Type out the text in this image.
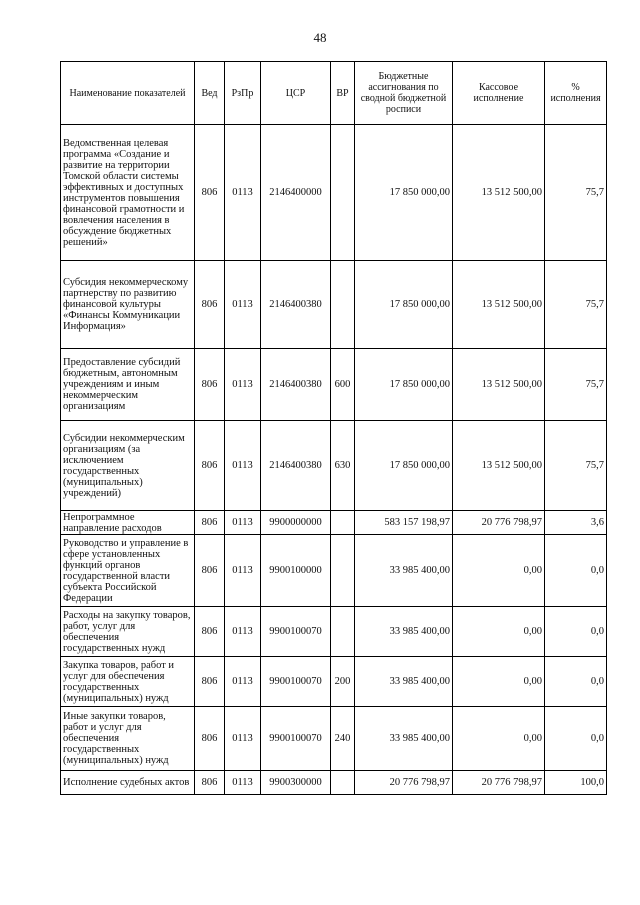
48
Наименование показателей	Вед	РзПр	ЦСР	ВР	Бюджетные ассигнования по сводной бюджетной росписи	Кассовое исполнение	% исполнения
Ведомственная целевая программа «Создание и развитие на территории Томской области системы эффективных и доступных инструментов повышения финансовой грамотности и вовлечения населения в обсуждение бюджетных решений»	806	0113	2146400000		17 850 000,00	13 512 500,00	75,7
Субсидия некоммерческому партнерству по развитию финансовой культуры «Финансы Коммуникации Информация»	806	0113	2146400380		17 850 000,00	13 512 500,00	75,7
Предоставление субсидий бюджетным, автономным учреждениям и иным некоммерческим организациям	806	0113	2146400380	600	17 850 000,00	13 512 500,00	75,7
Субсидии некоммерческим организациям (за исключением государственных (муниципальных) учреждений)	806	0113	2146400380	630	17 850 000,00	13 512 500,00	75,7
Непрограммное направление расходов	806	0113	9900000000		583 157 198,97	20 776 798,97	3,6
Руководство и управление в сфере установленных функций органов государственной власти субъекта Российской Федерации	806	0113	9900100000		33 985 400,00	0,00	0,0
Расходы на закупку товаров, работ, услуг для обеспечения государственных нужд	806	0113	9900100070		33 985 400,00	0,00	0,0
Закупка товаров, работ и услуг для обеспечения государственных (муниципальных) нужд	806	0113	9900100070	200	33 985 400,00	0,00	0,0
Иные закупки товаров, работ и услуг для обеспечения государственных (муниципальных) нужд	806	0113	9900100070	240	33 985 400,00	0,00	0,0
Исполнение судебных актов	806	0113	9900300000		20 776 798,97	20 776 798,97	100,0
